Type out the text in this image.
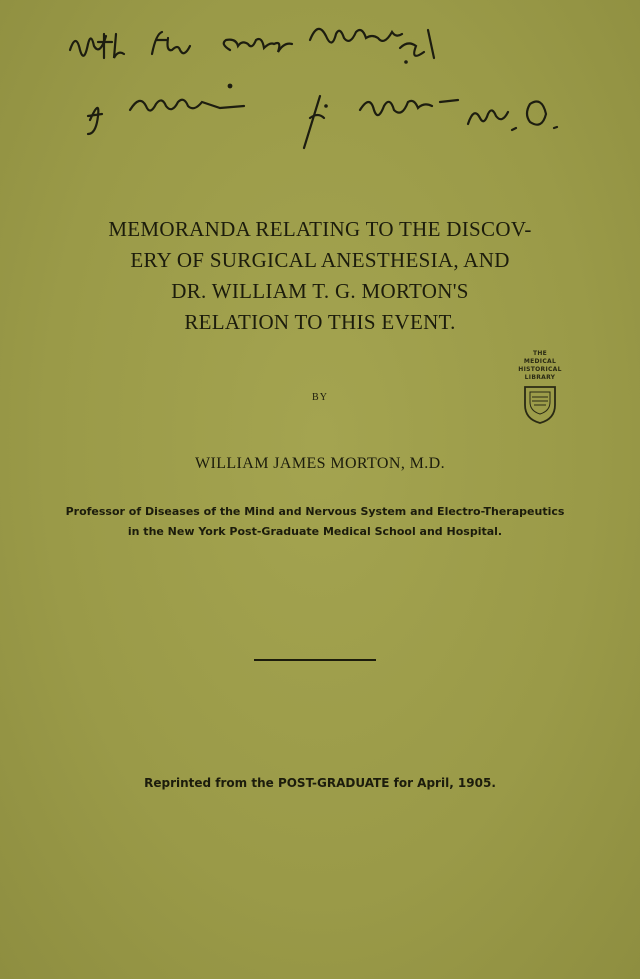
MEMORANDA RELATING TO THE DISCOV-
ERY OF SURGICAL ANESTHESIA, AND
DR. WILLIAM T. G. MORTON'S
RELATION TO THIS EVENT.
THE
MEDICAL
HISTORICAL
LIBRARY
BY
WILLIAM JAMES MORTON, M.D.
Professor of Diseases of the Mind and Nervous System and Electro-Therapeutics
in the New York Post-Graduate Medical School and Hospital.
Reprinted from the POST-GRADUATE for April, 1905.
